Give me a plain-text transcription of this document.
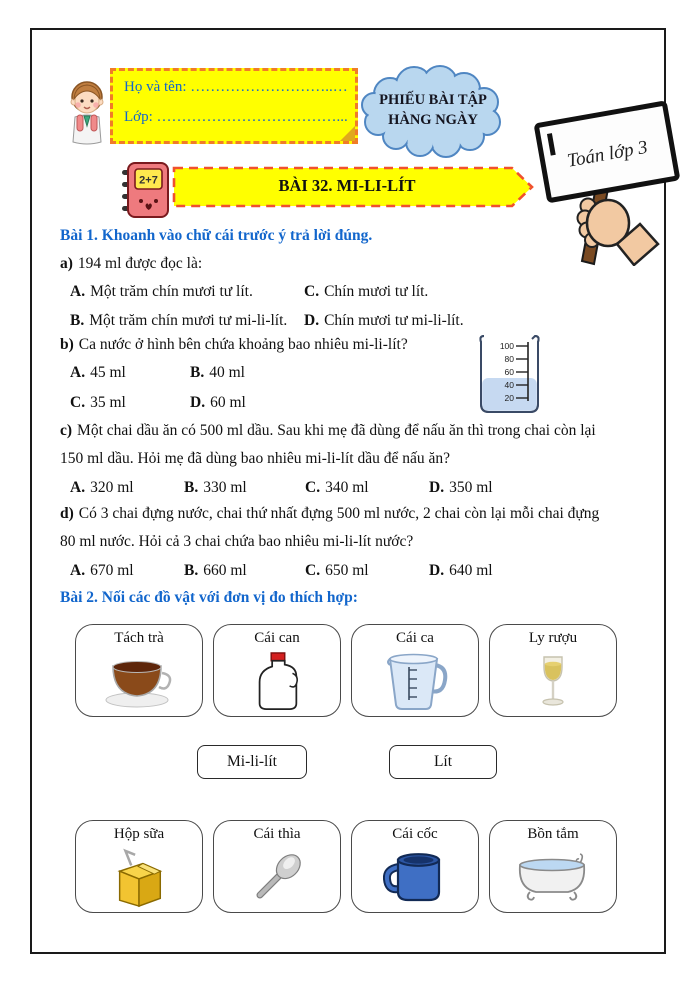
Họ và tên: ………………………..…
Lớp: ………………………………...
PHIẾU BÀI TẬP
HÀNG NGÀY
Toán lớp 3
2+7	BÀI 32. MI-LI-LÍT
Bài 1. Khoanh vào chữ cái trước ý trả lời đúng.
a) 194 ml được đọc là:
A. Một trăm chín mươi tư lít.	C. Chín mươi tư lít.
B. Một trăm chín mươi tư mi-li-lít. D. Chín mươi tư mi-li-lít.
b) Ca nước ở hình bên chứa khoảng bao nhiêu mi-li-lít?	100
80
60
40
20
A. 45 ml	B. 40 ml
C. 35 ml	D. 60 ml
c) Một chai dầu ăn có 500 ml dầu. Sau khi mẹ đã dùng để nấu ăn thì trong chai còn lại
150 ml dầu. Hỏi mẹ đã dùng bao nhiêu mi-li-lít dầu để nấu ăn?
A. 320 ml	B. 330 ml	C. 340 ml	D. 350 ml
d) Có 3 chai đựng nước, chai thứ nhất đựng 500 ml nước, 2 chai còn lại mỗi chai đựng
80 ml nước. Hỏi cả 3 chai chứa bao nhiêu mi-li-lít nước?
A. 670 ml	B. 660 ml	C. 650 ml	D. 640 ml
Bài 2. Nối các đồ vật với đơn vị đo thích hợp:
Tách trà	Cái can	Cái ca	Ly rượu
Mi-li-lít	Lít
Hộp sữa	Cái thìa	Cái cốc	Bồn tắm
